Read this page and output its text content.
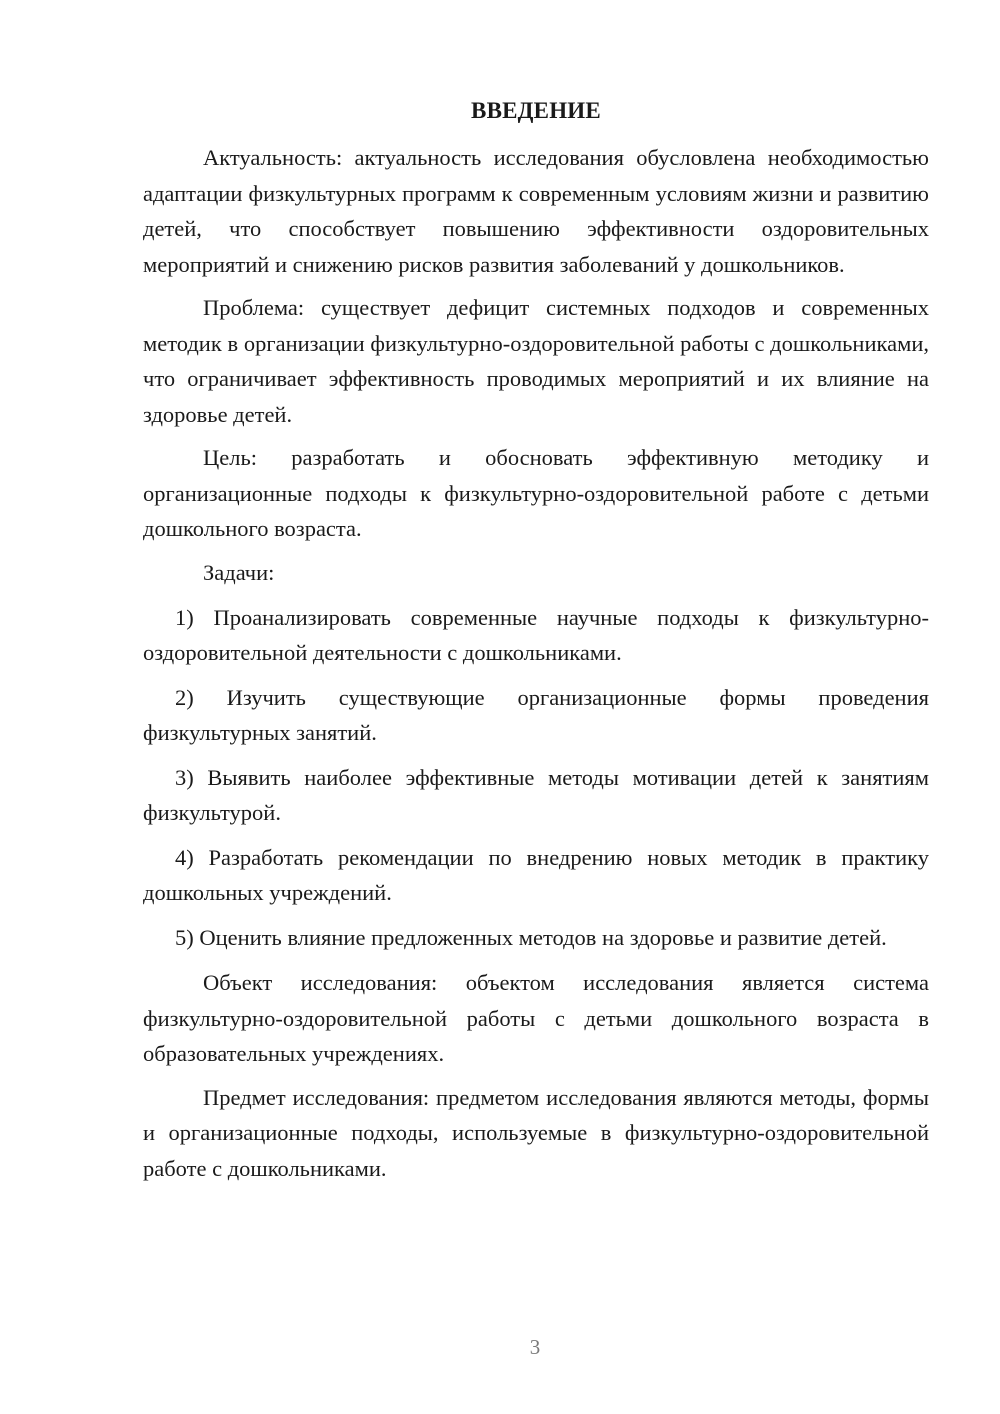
ВВЕДЕНИЕ

Актуальность: актуальность исследования обусловлена необходимостью адаптации физкультурных программ к современным условиям жизни и развитию детей, что способствует повышению эффективности оздоровительных мероприятий и снижению рисков развития заболеваний у дошкольников.

Проблема: существует дефицит системных подходов и современных методик в организации физкультурно-оздоровительной работы с дошкольниками, что ограничивает эффективность проводимых мероприятий и их влияние на здоровье детей.

Цель: разработать и обосновать эффективную методику и организационные подходы к физкультурно-оздоровительной работе с детьми дошкольного возраста.

Задачи:

1) Проанализировать современные научные подходы к физкультурно-оздоровительной деятельности с дошкольниками.

2) Изучить существующие организационные формы проведения физкультурных занятий.

3) Выявить наиболее эффективные методы мотивации детей к занятиям физкультурой.

4) Разработать рекомендации по внедрению новых методик в практику дошкольных учреждений.

5) Оценить влияние предложенных методов на здоровье и развитие детей.

Объект исследования: объектом исследования является система физкультурно-оздоровительной работы с детьми дошкольного возраста в образовательных учреждениях.

Предмет исследования: предметом исследования являются методы, формы и организационные подходы, используемые в физкультурно-оздоровительной работе с дошкольниками.

3
